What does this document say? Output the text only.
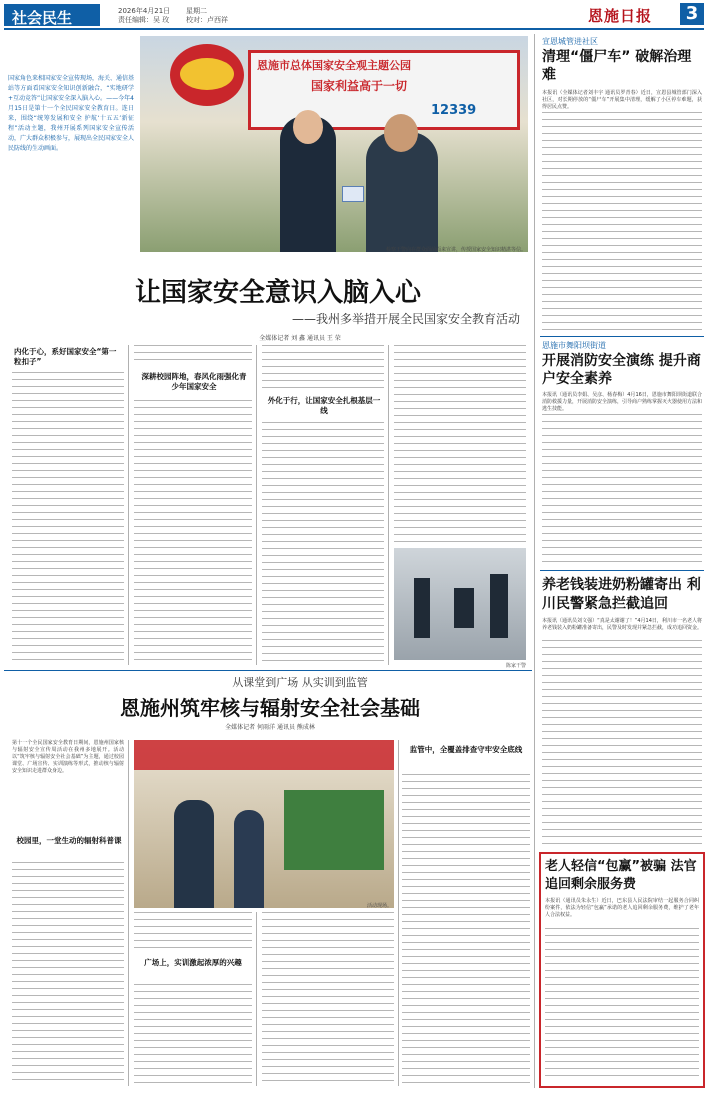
社会民生	2026年4月21日 星期二
责任编辑：吴 玫 校对：卢西祥	恩施日报	3
国家角色来相国家安全宣传现场，海关、通信基站等方面看国家安全知识创新融合，“实地研学+互动竞答”让国家安全深入脑入心。——今年4月15日是第十一个全民国家安全教育日。连日来，围绕“统筹发展和安全 护航‘十五五’新征程”活动主题，我州开展系列国家安全宣传活动，广大群众积极参与，展现出全民国家安全人民防线的生动画面。
恩施市总体国家安全观主题公园
国家利益高于一切
12339
检察干警向在群众面前面来宣讲，传授国家安全知识精湛等信。
让国家安全意识入脑入心
——我州多举措开展全民国家安全教育活动
全媒体记者 刘 鑫 通讯员 王 荣
内化于心，系好国家安全“第一粒扣子”
深耕校园阵地，春风化雨强化青少年国家安全
外化于行，让国家安全扎根基层一线
陈家干警
从课堂到广场 从实训到监管
恩施州筑牢核与辐射安全社会基础
全媒体记者 何雨洋 通讯员 熊成林
第十一个全民国家安全教育日期间，恩施州国家核与辐射安全宣传周活动在我州多地展开。活动以“筑牢核与辐射安全社会基础”为主题，通过校园课堂、广场宣传、实训演练等形式，推动核与辐射安全知识走进群众身边。
校园里，一堂生动的辐射科普课
活动现场。
广场上，实训激起浓厚的兴趣
监管中，全覆盖排查守牢安全底线
宣恩城管进社区
清理“僵尸车” 破解治理难
本报讯（全媒体记者刘丰宇 通讯员罗青春）近日，宣恩县城管部门深入社区，对长期停放的“僵尸车”开展集中清理，缓解了小区停车难题，获得居民点赞。
恩施市舞阳坝街道
开展消防安全演练 提升商户安全素养
本报讯（通讯员李娟、吴彦、杨春梅）4月16日，恩施市舞阳坝街道联合消防救援力量，开展消防安全演练，引导商户熟练掌握灭火器使用方法和逃生技能。
养老钱装进奶粉罐寄出 利川民警紧急拦截追回
本报讯（通讯员刘文强）“真是太谢谢了！”4月14日，利川市一名老人将养老钱装入奶粉罐准备寄出，民警及时发现并紧急拦截，成功追回资金。
老人轻信“包赢”被骗 法官追回剩余服务费
本报讯（通讯员朱永生）近日，巴东县人民法院审结一起服务合同纠纷案件，依法为轻信“包赢”承诺的老人追回剩余服务费，维护了老年人合法权益。
